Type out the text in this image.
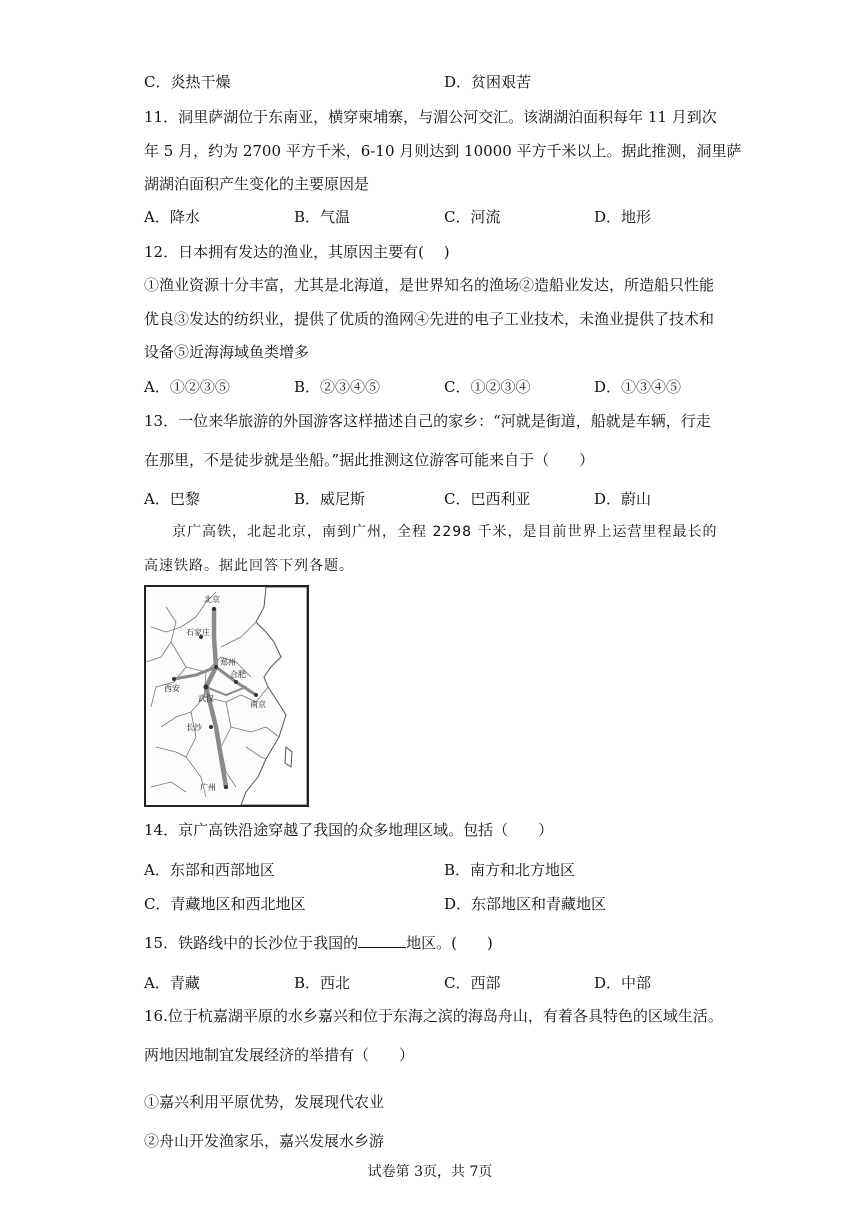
C．炎热干燥	D．贫困艰苦
11．洞里萨湖位于东南亚，横穿柬埔寨，与湄公河交汇。该湖湖泊面积每年 11 月到次
年 5 月，约为 2700 平方千米，6-10 月则达到 10000 平方千米以上。据此推测，洞里萨
湖湖泊面积产生变化的主要原因是
A．降水	B．气温	C．河流	D．地形
12．日本拥有发达的渔业，其原因主要有(　 )
①渔业资源十分丰富，尤其是北海道，是世界知名的渔场②造船业发达，所造船只性能
优良③发达的纺织业，提供了优质的渔网④先进的电子工业技术，未渔业提供了技术和
设备⑤近海海域鱼类增多
A．①②③⑤	B．②③④⑤	C．①②③④	D．①③④⑤
13．一位来华旅游的外国游客这样描述自己的家乡：“河就是街道，船就是车辆，行走
在那里，不是徒步就是坐船。”据此推测这位游客可能来自于（　　）
A．巴黎	B．威尼斯	C．巴西利亚	D．蔚山
京广高铁，北起北京，南到广州，全程 2298 千米，是目前世界上运营里程最长的
高速铁路。据此回答下列各题。
北京
石家庄
郑州
西安
合肥
南京
武汉
长沙
广州
14．京广高铁沿途穿越了我国的众多地理区域。包括（　　）
A．东部和西部地区	B．南方和北方地区
C．青藏地区和西北地区	D．东部地区和青藏地区
15．铁路线中的长沙位于我国的	地区。(　　)
A．青藏	B．西北	C．西部	D．中部
16.位于杭嘉湖平原的水乡嘉兴和位于东海之滨的海岛舟山，有着各具特色的区域生活。
两地因地制宜发展经济的举措有（　　）
①嘉兴利用平原优势，发展现代农业
②舟山开发渔家乐，嘉兴发展水乡游
试卷第 3页，共 7页
